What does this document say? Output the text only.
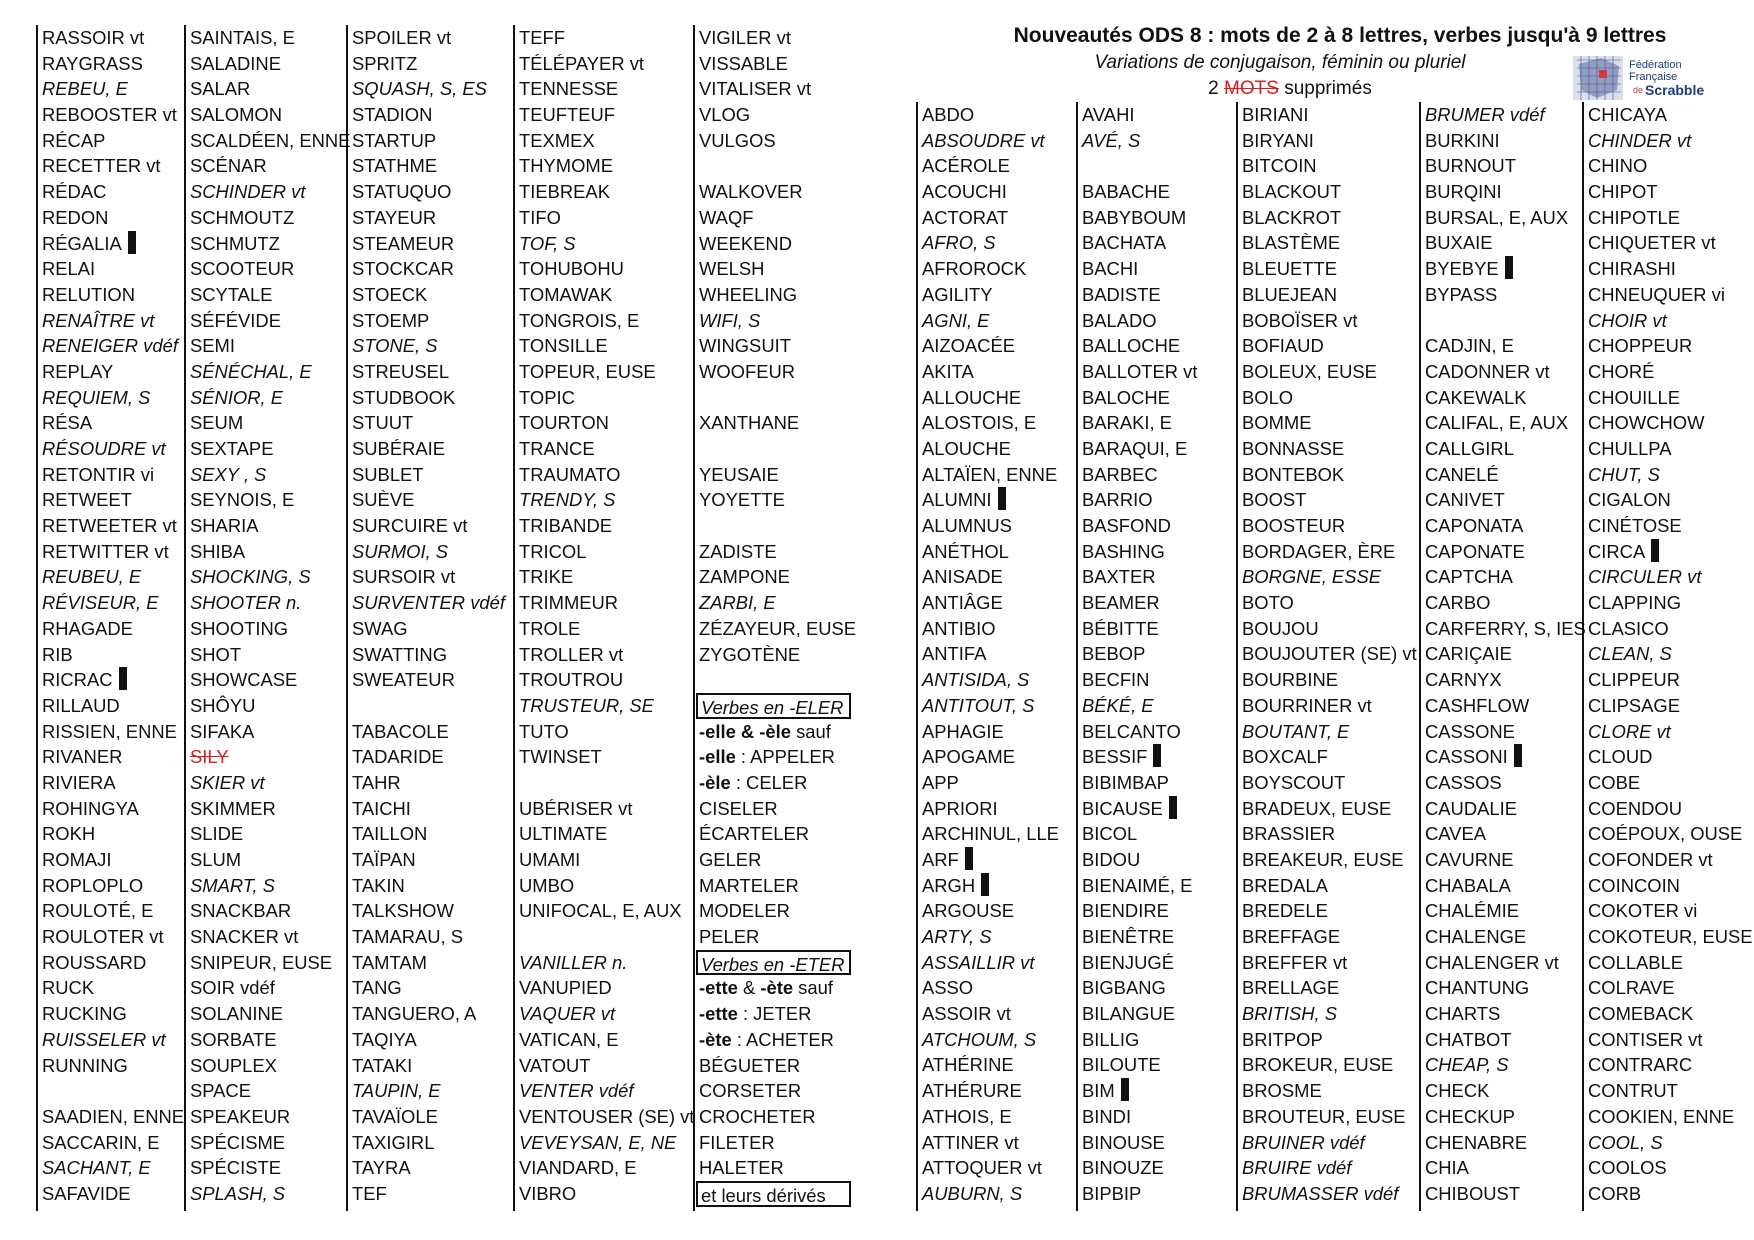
Nouveautés ODS 8 : mots de 2 à 8 lettres, verbes jusqu'à 9 lettres
Variations de conjugaison, féminin ou pluriel
2 MOTS supprimés
Fédération
Française
de Scrabble
RASSOIR vt
RAYGRASS
REBEU, E
REBOOSTER vt
RÉCAP
RECETTER vt
RÉDAC
REDON
RÉGALIA
RELAI
RELUTION
RENAÎTRE vt
RENEIGER vdéf
REPLAY
REQUIEM, S
RÉSA
RÉSOUDRE vt
RETONTIR vi
RETWEET
RETWEETER vt
RETWITTER vt
REUBEU, E
RÉVISEUR, E
RHAGADE
RIB
RICRAC
RILLAUD
RISSIEN, ENNE
RIVANER
RIVIERA
ROHINGYA
ROKH
ROMAJI
ROPLOPLO
ROULOTÉ, E
ROULOTER vt
ROUSSARD
RUCK
RUCKING
RUISSELER vt
RUNNING
SAADIEN, ENNE
SACCARIN, E
SACHANT, E
SAFAVIDE
SAINTAIS, E
SALADINE
SALAR
SALOMON
SCALDÉEN, ENNE
SCÉNAR
SCHINDER vt
SCHMOUTZ
SCHMUTZ
SCOOTEUR
SCYTALE
SÉFÉVIDE
SEMI
SÉNÉCHAL, E
SÉNIOR, E
SEUM
SEXTAPE
SEXY , S
SEYNOIS, E
SHARIA
SHIBA
SHOCKING, S
SHOOTER n.
SHOOTING
SHOT
SHOWCASE
SHÔYU
SIFAKA
SILY
SKIER vt
SKIMMER
SLIDE
SLUM
SMART, S
SNACKBAR
SNACKER vt
SNIPEUR, EUSE
SOIR vdéf
SOLANINE
SORBATE
SOUPLEX
SPACE
SPEAKEUR
SPÉCISME
SPÉCISTE
SPLASH, S
SPOILER vt
SPRITZ
SQUASH, S, ES
STADION
STARTUP
STATHME
STATUQUO
STAYEUR
STEAMEUR
STOCKCAR
STOECK
STOEMP
STONE, S
STREUSEL
STUDBOOK
STUUT
SUBÉRAIE
SUBLET
SUÈVE
SURCUIRE vt
SURMOI, S
SURSOIR vt
SURVENTER vdéf
SWAG
SWATTING
SWEATEUR
TABACOLE
TADARIDE
TAHR
TAICHI
TAILLON
TAÏPAN
TAKIN
TALKSHOW
TAMARAU, S
TAMTAM
TANG
TANGUERO, A
TAQIYA
TATAKI
TAUPIN, E
TAVAÏOLE
TAXIGIRL
TAYRA
TEF
TEFF
TÉLÉPAYER vt
TENNESSE
TEUFTEUF
TEXMEX
THYMOME
TIEBREAK
TIFO
TOF, S
TOHUBOHU
TOMAWAK
TONGROIS, E
TONSILLE
TOPEUR, EUSE
TOPIC
TOURTON
TRANCE
TRAUMATO
TRENDY, S
TRIBANDE
TRICOL
TRIKE
TRIMMEUR
TROLE
TROLLER vt
TROUTROU
TRUSTEUR, SE
TUTO
TWINSET
UBÉRISER vt
ULTIMATE
UMAMI
UMBO
UNIFOCAL, E, AUX
VANILLER n.
VANUPIED
VAQUER vt
VATICAN, E
VATOUT
VENTER vdéf
VENTOUSER (SE) vt
VEVEYSAN, E, NE
VIANDARD, E
VIBRO
VIGILER vt
VISSABLE
VITALISER vt
VLOG
VULGOS
WALKOVER
WAQF
WEEKEND
WELSH
WHEELING
WIFI, S
WINGSUIT
WOOFEUR
XANTHANE
YEUSAIE
YOYETTE
ZADISTE
ZAMPONE
ZARBI, E
ZÉZAYEUR, EUSE
ZYGOTÈNE
Verbes en -ELER
-elle & -èle sauf
-elle : APPELER
-èle : CELER
CISELER
ÉCARTELER
GELER
MARTELER
MODELER
PELER
Verbes en -ETER
-ette & -ète sauf
-ette : JETER
-ète : ACHETER
BÉGUETER
CORSETER
CROCHETER
FILETER
HALETER
et leurs dérivés
ABDO
ABSOUDRE vt
ACÉROLE
ACOUCHI
ACTORAT
AFRO, S
AFROROCK
AGILITY
AGNI, E
AIZOACÉE
AKITA
ALLOUCHE
ALOSTOIS, E
ALOUCHE
ALTAÏEN, ENNE
ALUMNI
ALUMNUS
ANÉTHOL
ANISADE
ANTIÂGE
ANTIBIO
ANTIFA
ANTISIDA, S
ANTITOUT, S
APHAGIE
APOGAME
APP
APRIORI
ARCHINUL, LLE
ARF
ARGH
ARGOUSE
ARTY, S
ASSAILLIR vt
ASSO
ASSOIR vt
ATCHOUM, S
ATHÉRINE
ATHÉRURE
ATHOIS, E
ATTINER vt
ATTOQUER vt
AUBURN, S
AVAHI
AVÉ, S
BABACHE
BABYBOUM
BACHATA
BACHI
BADISTE
BALADO
BALLOCHE
BALLOTER vt
BALOCHE
BARAKI, E
BARAQUI, E
BARBEC
BARRIO
BASFOND
BASHING
BAXTER
BEAMER
BÉBITTE
BEBOP
BECFIN
BÉKÉ, E
BELCANTO
BESSIF
BIBIMBAP
BICAUSE
BICOL
BIDOU
BIENAIMÉ, E
BIENDIRE
BIENÊTRE
BIENJUGÉ
BIGBANG
BILANGUE
BILLIG
BILOUTE
BIM
BINDI
BINOUSE
BINOUZE
BIPBIP
BIRIANI
BIRYANI
BITCOIN
BLACKOUT
BLACKROT
BLASTÈME
BLEUETTE
BLUEJEAN
BOBOÏSER vt
BOFIAUD
BOLEUX, EUSE
BOLO
BOMME
BONNASSE
BONTEBOK
BOOST
BOOSTEUR
BORDAGER, ÈRE
BORGNE, ESSE
BOTO
BOUJOU
BOUJOUTER (SE) vt
BOURBINE
BOURRINER vt
BOUTANT, E
BOXCALF
BOYSCOUT
BRADEUX, EUSE
BRASSIER
BREAKEUR, EUSE
BREDALA
BREDELE
BREFFAGE
BREFFER vt
BRELLAGE
BRITISH, S
BRITPOP
BROKEUR, EUSE
BROSME
BROUTEUR, EUSE
BRUINER vdéf
BRUIRE vdéf
BRUMASSER vdéf
BRUMER vdéf
BURKINI
BURNOUT
BURQINI
BURSAL, E, AUX
BUXAIE
BYEBYE
BYPASS
CADJIN, E
CADONNER vt
CAKEWALK
CALIFAL, E, AUX
CALLGIRL
CANELÉ
CANIVET
CAPONATA
CAPONATE
CAPTCHA
CARBO
CARFERRY, S, IES
CARIÇAIE
CARNYX
CASHFLOW
CASSONE
CASSONI
CASSOS
CAUDALIE
CAVEA
CAVURNE
CHABALA
CHALÉMIE
CHALENGE
CHALENGER vt
CHANTUNG
CHARTS
CHATBOT
CHEAP, S
CHECK
CHECKUP
CHENABRE
CHIA
CHIBOUST
CHICAYA
CHINDER vt
CHINO
CHIPOT
CHIPOTLE
CHIQUETER vt
CHIRASHI
CHNEUQUER vi
CHOIR vt
CHOPPEUR
CHORÉ
CHOUILLE
CHOWCHOW
CHULLPA
CHUT, S
CIGALON
CINÉTOSE
CIRCA
CIRCULER vt
CLAPPING
CLASICO
CLEAN, S
CLIPPEUR
CLIPSAGE
CLORE vt
CLOUD
COBE
COENDOU
COÉPOUX, OUSE
COFONDER vt
COINCOIN
COKOTER vi
COKOTEUR, EUSE
COLLABLE
COLRAVE
COMEBACK
CONTISER vt
CONTRARC
CONTRUT
COOKIEN, ENNE
COOL, S
COOLOS
CORB
